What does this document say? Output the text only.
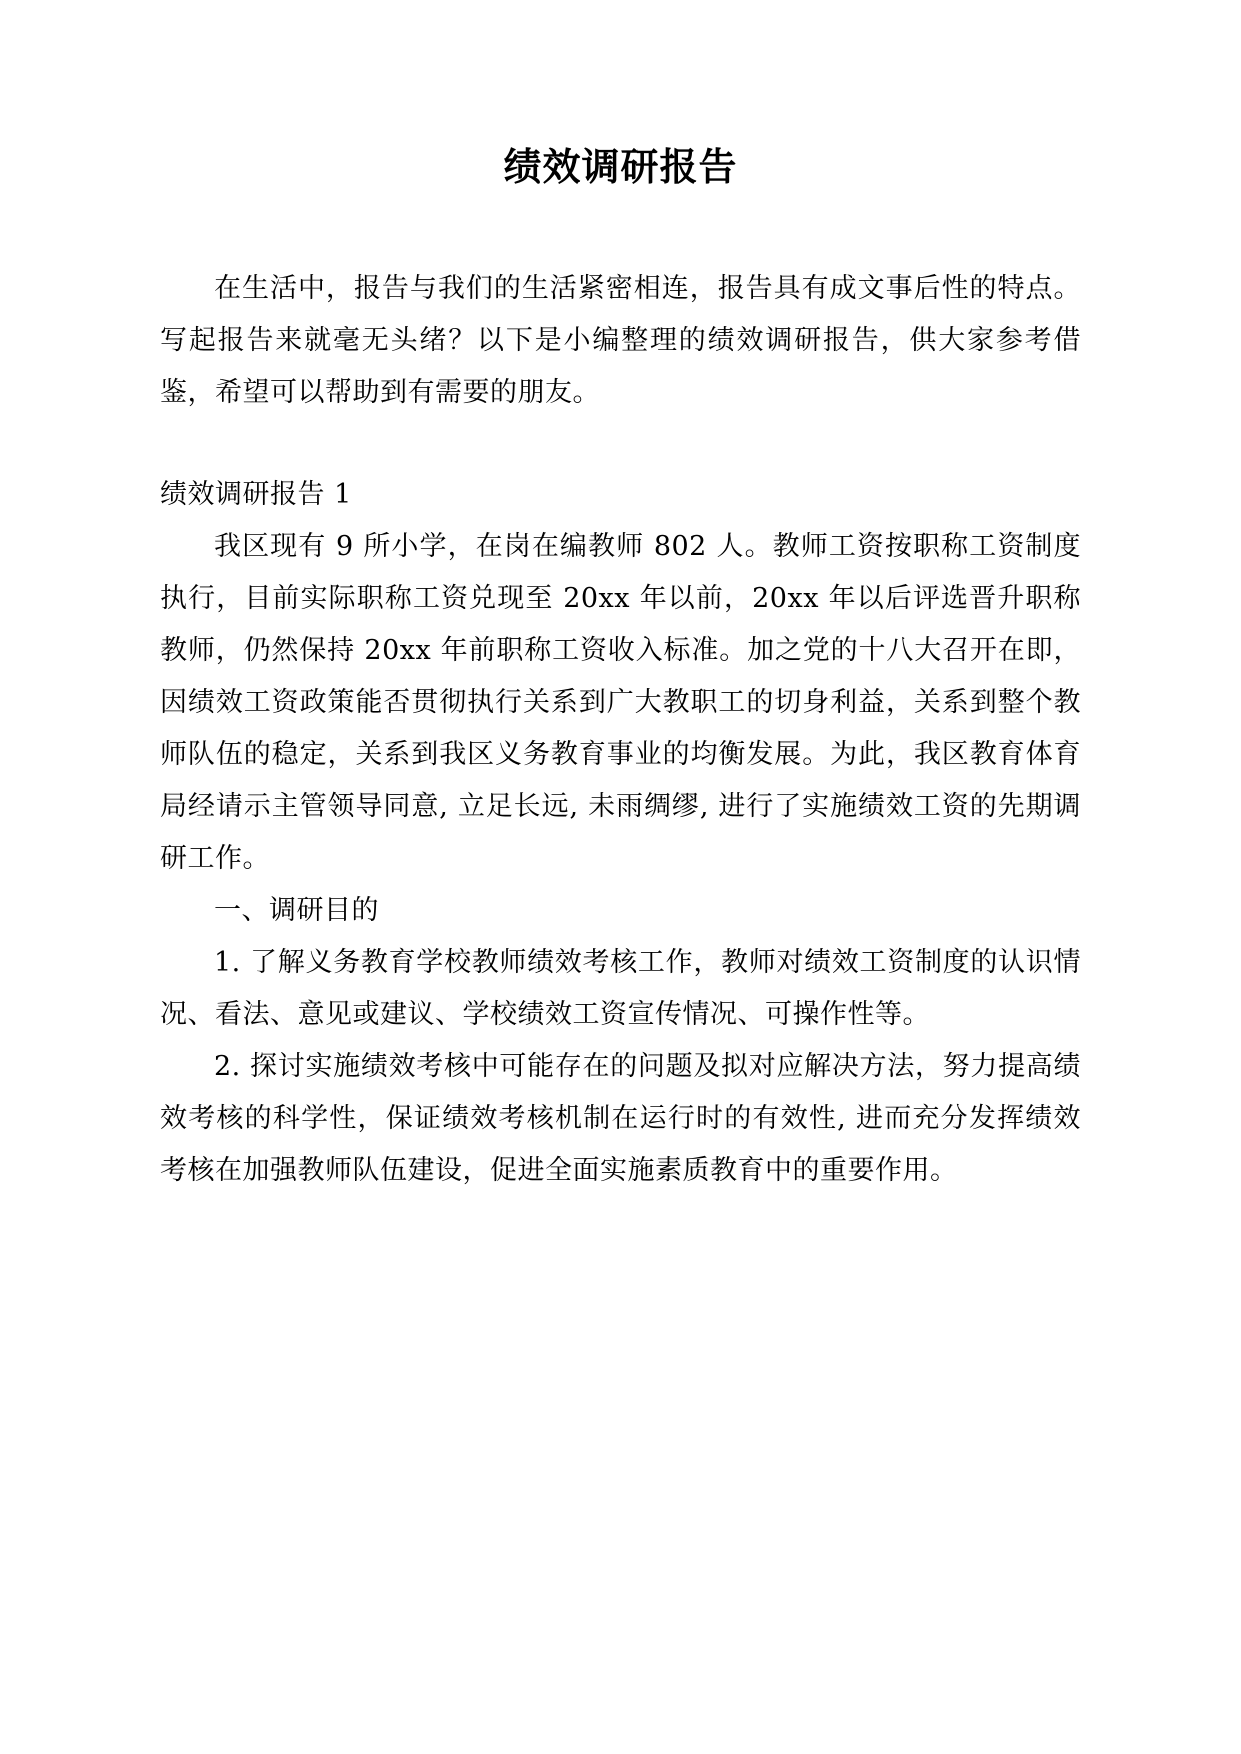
绩效调研报告

在生活中，报告与我们的生活紧密相连，报告具有成文事后性的特点。写起报告来就毫无头绪？以下是小编整理的绩效调研报告，供大家参考借鉴，希望可以帮助到有需要的朋友。

绩效调研报告 1

我区现有 9 所小学，在岗在编教师 802 人。教师工资按职称工资制度执行，目前实际职称工资兑现至 20xx 年以前，20xx 年以后评选晋升职称教师，仍然保持 20xx 年前职称工资收入标准。加之党的十八大召开在即，因绩效工资政策能否贯彻执行关系到广大教职工的切身利益，关系到整个教师队伍的稳定，关系到我区义务教育事业的均衡发展。为此，我区教育体育局经请示主管领导同意, 立足长远, 未雨绸缪, 进行了实施绩效工资的先期调研工作。

一、调研目的

1. 了解义务教育学校教师绩效考核工作，教师对绩效工资制度的认识情况、看法、意见或建议、学校绩效工资宣传情况、可操作性等。

2. 探讨实施绩效考核中可能存在的问题及拟对应解决方法，努力提高绩效考核的科学性，保证绩效考核机制在运行时的有效性, 进而充分发挥绩效考核在加强教师队伍建设，促进全面实施素质教育中的重要作用。
